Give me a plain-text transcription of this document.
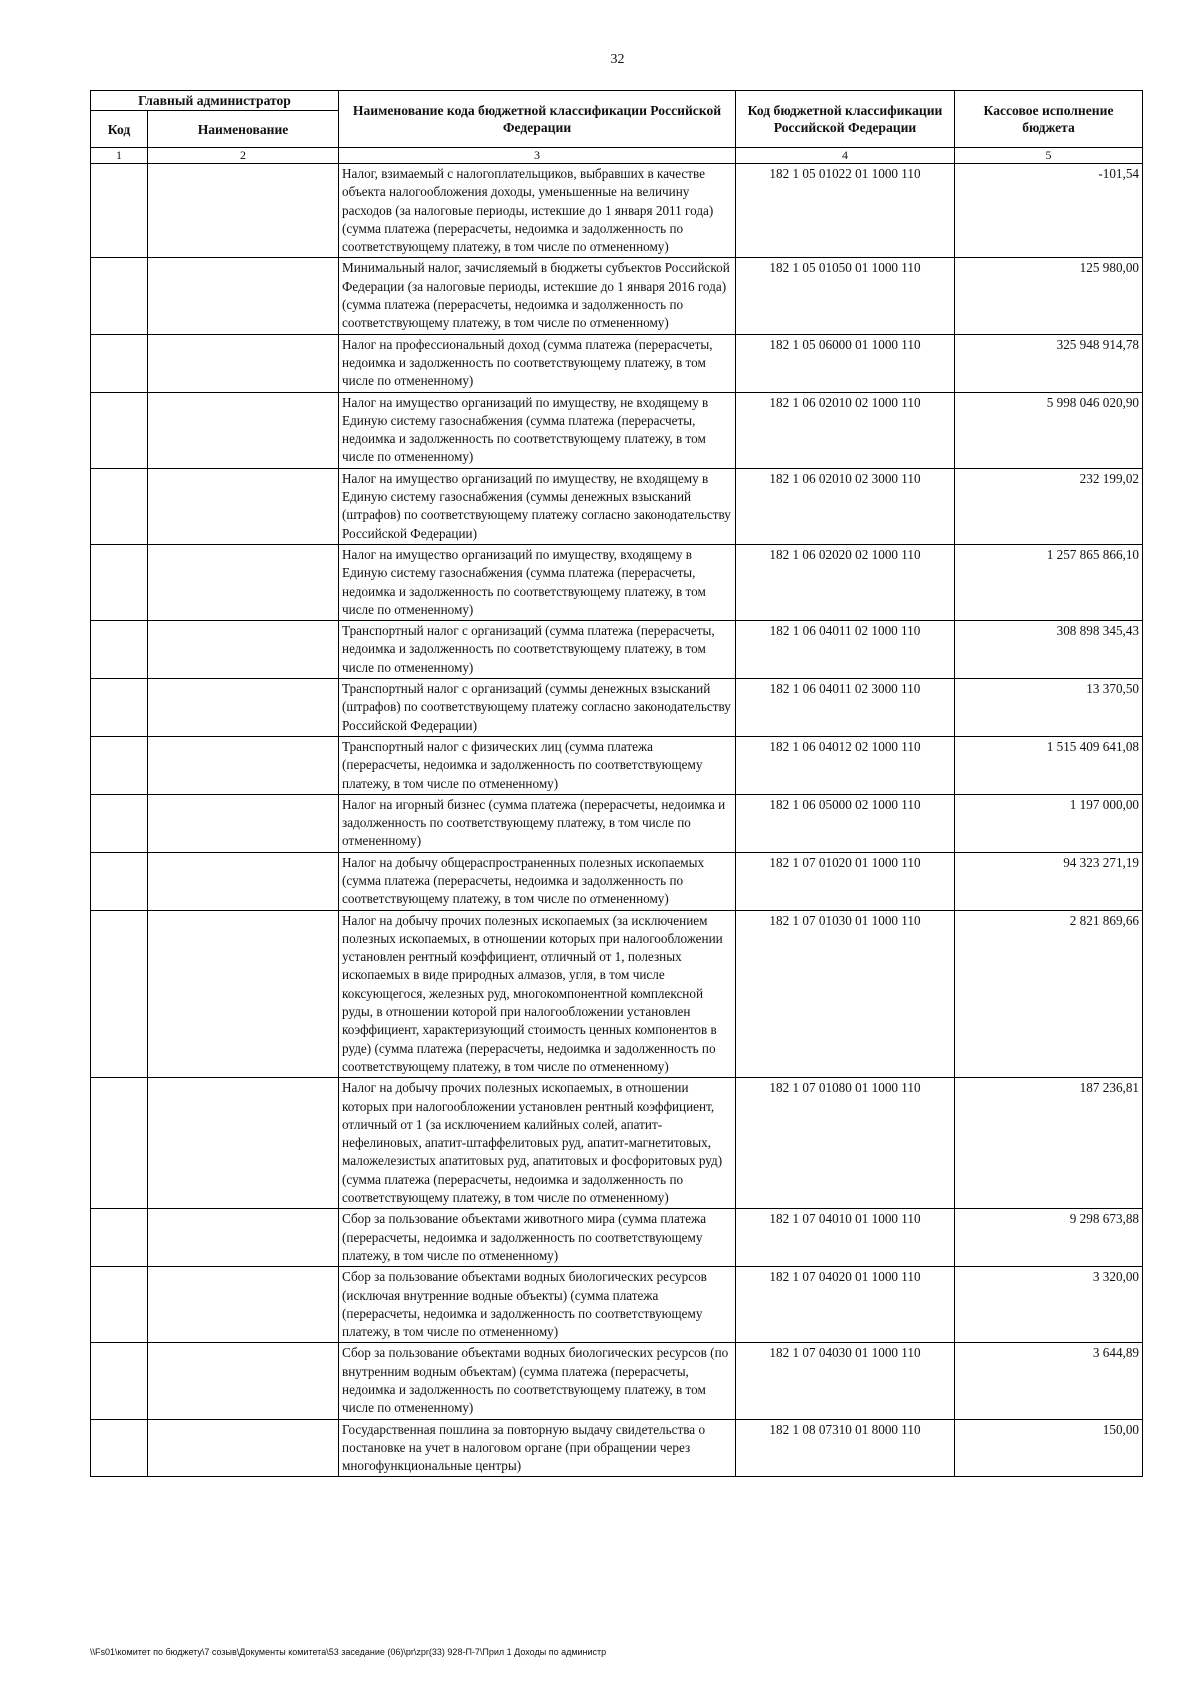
32
Главный администратор		Наименование кода бюджетной классификации Российской Федерации	Код бюджетной классификации Российской Федерации	Кассовое исполнение бюджета
Код	Наименование			
1	2	3	4	5
		Налог, взимаемый с налогоплательщиков, выбравших в качестве объекта налогообложения доходы, уменьшенные на величину расходов (за налоговые периоды, истекшие до 1 января 2011 года) (сумма платежа (перерасчеты, недоимка и задолженность по соответствующему платежу, в том числе по отмененному)	182 1 05 01022 01 1000 110	-101,54
		Минимальный налог, зачисляемый в бюджеты субъектов Российской Федерации (за налоговые периоды, истекшие до 1 января 2016 года) (сумма платежа (перерасчеты, недоимка и задолженность по соответствующему платежу, в том числе по отмененному)	182 1 05 01050 01 1000 110	125 980,00
		Налог на профессиональный доход (сумма платежа (перерасчеты, недоимка и задолженность по соответствующему платежу, в том числе по отмененному)	182 1 05 06000 01 1000 110	325 948 914,78
		Налог на имущество организаций по имуществу, не входящему в Единую систему газоснабжения (сумма платежа (перерасчеты, недоимка и задолженность по соответствующему платежу, в том числе по отмененному)	182 1 06 02010 02 1000 110	5 998 046 020,90
		Налог на имущество организаций по имуществу, не входящему в Единую систему газоснабжения (суммы денежных взысканий (штрафов) по соответствующему платежу согласно законодательству Российской Федерации)	182 1 06 02010 02 3000 110	232 199,02
		Налог на имущество организаций по имуществу, входящему в Единую систему газоснабжения (сумма платежа (перерасчеты, недоимка и задолженность по соответствующему платежу, в том числе по отмененному)	182 1 06 02020 02 1000 110	1 257 865 866,10
		Транспортный налог с организаций (сумма платежа (перерасчеты, недоимка и задолженность по соответствующему платежу, в том числе по отмененному)	182 1 06 04011 02 1000 110	308 898 345,43
		Транспортный налог с организаций (суммы денежных взысканий (штрафов) по соответствующему платежу согласно законодательству Российской Федерации)	182 1 06 04011 02 3000 110	13 370,50
		Транспортный налог с физических лиц (сумма платежа (перерасчеты, недоимка и задолженность по соответствующему платежу, в том числе по отмененному)	182 1 06 04012 02 1000 110	1 515 409 641,08
		Налог на игорный бизнес (сумма платежа (перерасчеты, недоимка и задолженность по соответствующему платежу, в том числе по отмененному)	182 1 06 05000 02 1000 110	1 197 000,00
		Налог на добычу общераспространенных полезных ископаемых (сумма платежа (перерасчеты, недоимка и задолженность по соответствующему платежу, в том числе по отмененному)	182 1 07 01020 01 1000 110	94 323 271,19
		Налог на добычу прочих полезных ископаемых (за исключением полезных ископаемых, в отношении которых при налогообложении установлен рентный коэффициент, отличный от 1, полезных ископаемых в виде природных алмазов, угля, в том числе коксующегося, железных руд, многокомпонентной комплексной руды, в отношении которой при налогообложении установлен коэффициент, характеризующий стоимость ценных компонентов в руде) (сумма платежа (перерасчеты, недоимка и задолженность по соответствующему платежу, в том числе по отмененному)	182 1 07 01030 01 1000 110	2 821 869,66
		Налог на добычу прочих полезных ископаемых, в отношении которых при налогообложении установлен рентный коэффициент, отличный от 1 (за исключением калийных солей, апатит-нефелиновых, апатит-штаффелитовых руд, апатит-магнетитовых, маложелезистых апатитовых руд, апатитовых и фосфоритовых руд) (сумма платежа (перерасчеты, недоимка и задолженность по соответствующему платежу, в том числе по отмененному)	182 1 07 01080 01 1000 110	187 236,81
		Сбор за пользование объектами животного мира (сумма платежа (перерасчеты, недоимка и задолженность по соответствующему платежу, в том числе по отмененному)	182 1 07 04010 01 1000 110	9 298 673,88
		Сбор за пользование объектами водных биологических ресурсов (исключая внутренние водные объекты) (сумма платежа (перерасчеты, недоимка и задолженность по соответствующему платежу, в том числе по отмененному)	182 1 07 04020 01 1000 110	3 320,00
		Сбор за пользование объектами водных биологических ресурсов (по внутренним водным объектам) (сумма платежа (перерасчеты, недоимка и задолженность по соответствующему платежу, в том числе по отмененному)	182 1 07 04030 01 1000 110	3 644,89
		Государственная пошлина за повторную выдачу свидетельства о постановке на учет в налоговом органе (при обращении через многофункциональные центры)	182 1 08 07310 01 8000 110	150,00
\\Fs01\комитет по бюджету\7 созыв\Документы комитета\53 заседание (06)\pr\zpr(33) 928-П-7\Прил 1 Доходы по администр
